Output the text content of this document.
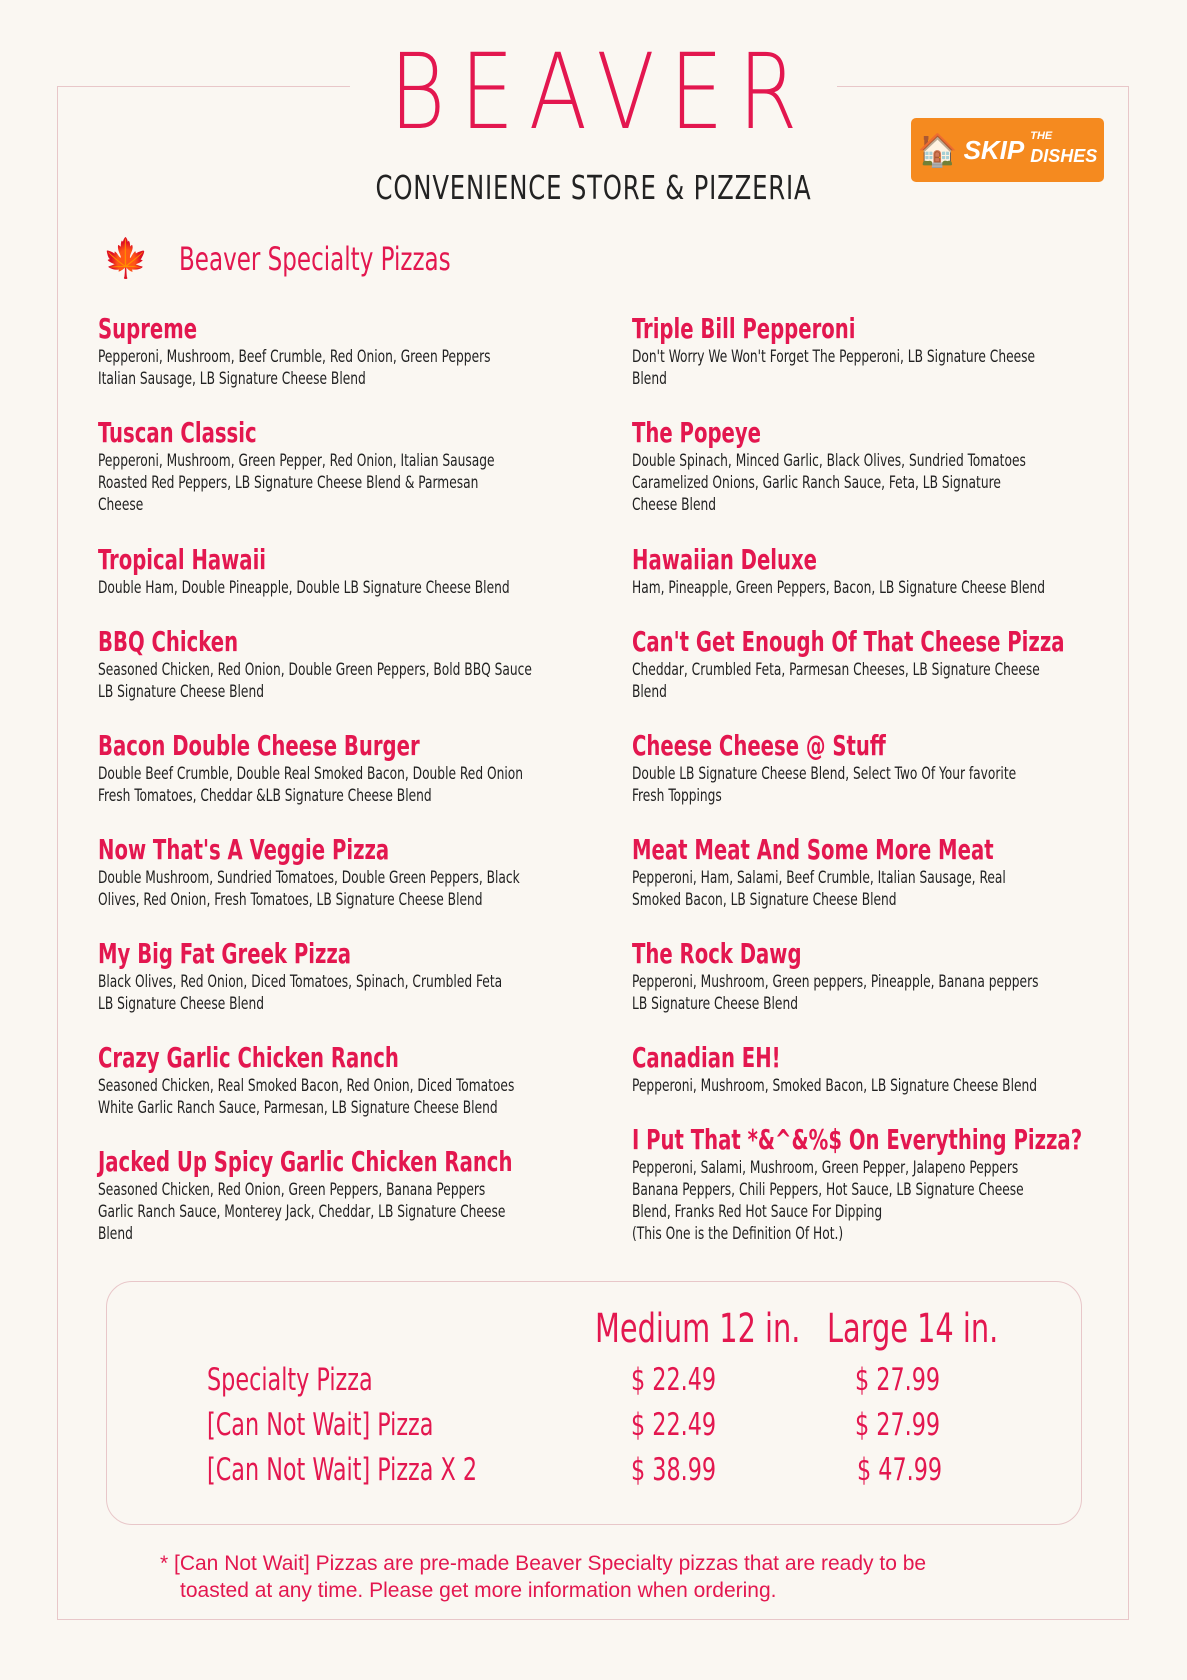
BEAVER
CONVENIENCE STORE & PIZZERIA
🏠 SKIP THE
DISHES
🍁 Beaver Specialty Pizzas
Supreme
Pepperoni, Mushroom, Beef Crumble, Red Onion, Green Peppers
Italian Sausage, LB Signature Cheese Blend
Tuscan Classic
Pepperoni, Mushroom, Green Pepper, Red Onion, Italian Sausage
Roasted Red Peppers, LB Signature Cheese Blend & Parmesan
Cheese
Tropical Hawaii
Double Ham, Double Pineapple, Double LB Signature Cheese Blend
BBQ Chicken
Seasoned Chicken, Red Onion, Double Green Peppers, Bold BBQ Sauce
LB Signature Cheese Blend
Bacon Double Cheese Burger
Double Beef Crumble, Double Real Smoked Bacon, Double Red Onion
Fresh Tomatoes, Cheddar &LB Signature Cheese Blend
Now That's A Veggie Pizza
Double Mushroom, Sundried Tomatoes, Double Green Peppers, Black
Olives, Red Onion, Fresh Tomatoes, LB Signature Cheese Blend
My Big Fat Greek Pizza
Black Olives, Red Onion, Diced Tomatoes, Spinach, Crumbled Feta
LB Signature Cheese Blend
Crazy Garlic Chicken Ranch
Seasoned Chicken, Real Smoked Bacon, Red Onion, Diced Tomatoes
White Garlic Ranch Sauce, Parmesan, LB Signature Cheese Blend
Jacked Up Spicy Garlic Chicken Ranch
Seasoned Chicken, Red Onion, Green Peppers, Banana Peppers
Garlic Ranch Sauce, Monterey Jack, Cheddar, LB Signature Cheese
Blend
Triple Bill Pepperoni
Don't Worry We Won't Forget The Pepperoni, LB Signature Cheese
Blend
The Popeye
Double Spinach, Minced Garlic, Black Olives, Sundried Tomatoes
Caramelized Onions, Garlic Ranch Sauce, Feta, LB Signature
Cheese Blend
Hawaiian Deluxe
Ham, Pineapple, Green Peppers, Bacon, LB Signature Cheese Blend
Can't Get Enough Of That Cheese Pizza
Cheddar, Crumbled Feta, Parmesan Cheeses, LB Signature Cheese
Blend
Cheese Cheese @ Stuff
Double LB Signature Cheese Blend, Select Two Of Your favorite
Fresh Toppings
Meat Meat And Some More Meat
Pepperoni, Ham, Salami, Beef Crumble, Italian Sausage, Real
Smoked Bacon, LB Signature Cheese Blend
The Rock Dawg
Pepperoni, Mushroom, Green peppers, Pineapple, Banana peppers
LB Signature Cheese Blend
Canadian EH!
Pepperoni, Mushroom, Smoked Bacon, LB Signature Cheese Blend
I Put That *&^&%$ On Everything Pizza?
Pepperoni, Salami, Mushroom, Green Pepper, Jalapeno Peppers
Banana Peppers, Chili Peppers, Hot Sauce, LB Signature Cheese
Blend, Franks Red Hot Sauce For Dipping
(This One is the Definition Of Hot.)
Medium 12 in. Large 14 in.
Specialty Pizza	$ 22.49	$ 27.99
[Can Not Wait] Pizza	$ 22.49	$ 27.99
[Can Not Wait] Pizza X 2	$ 38.99	$ 47.99
* [Can Not Wait] Pizzas are pre-made Beaver Specialty pizzas that are ready to be
toasted at any time. Please get more information when ordering.
